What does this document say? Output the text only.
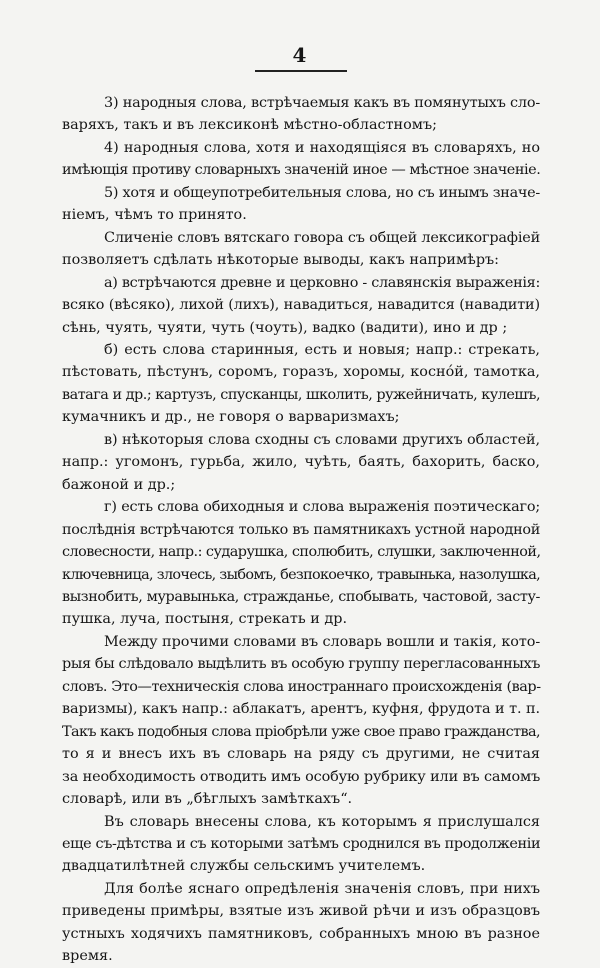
4

3) народныя слова, встрѣчаемыя какъ въ помянутыхъ сло-
варяхъ, такъ и въ лексиконѣ мѣстно-областномъ;

4) народныя слова, хотя и находящіяся въ словаряхъ, но
имѣющія противу словарныхъ значеній иное — мѣстное значеніе.

5) хотя и общеупотребительныя слова, но съ инымъ значе-
ніемъ, чѣмъ то принято.

Сличеніе словъ вятскаго говора съ общей лексикографіей
позволяетъ сдѣлать нѣкоторые выводы, какъ напримѣръ:

а) встрѣчаются древне и церковно - славянскія выраженія:
всяко (вѣсяко), лихой (лихъ), навадиться, навадится (навадити)
сѣнь, чуять, чуяти, чуть (чоуть), вадко (вадити), ино и др ;

б) есть слова старинныя, есть и новыя; напр.: стрекать,
пѣстовать, пѣстунъ, соромъ, горазъ, хоромы, коснóй, тамотка,
ватага и др.; картузъ, спусканцы, школить, ружейничать, кулешъ,
кумачникъ и др., не говоря о варваризмахъ;

в) нѣкоторыя слова сходны съ словами другихъ областей,
напр.: угомонъ, гурьба, жило, чуѣть, баять, бахорить, баско,
бажоной и др.;

г) есть слова обиходныя и слова выраженія поэтическаго;
послѣднія встрѣчаются только въ памятникахъ устной народной
словесности, напр.: сударушка, сполюбить, слушки, заключенной,
ключевница, злочесь, зыбомъ, безпокоечко, травынька, назолушка,
вызнобить, муравынька, стражданье, спобывать, частовой, засту-
пушка, луча, постыня, стрекать и др.

Между прочими словами въ словарь вошли и такія, кото-
рыя бы слѣдовало выдѣлить въ особую группу перегласованныхъ
словъ. Это—техническія слова иностраннаго происхожденія (вар-
варизмы), какъ напр.: аблакатъ, арентъ, куфня, фрудота и т. п.
Такъ какъ подобныя слова пріобрѣли уже свое право гражданства,
то я и внесъ ихъ въ словарь на ряду съ другими, не считая
за необходимость отводить имъ особую рубрику или въ самомъ
словарѣ, или въ „бѣглыхъ замѣткахъ“.

Въ словарь внесены слова, къ которымъ я прислушался
еще съ-дѣтства и съ которыми затѣмъ сроднился въ продолженіи
двадцатилѣтней службы сельскимъ учителемъ.

Для болѣе яснаго опредѣленія значенія словъ, при нихъ
приведены примѣры, взятые изъ живой рѣчи и изъ образцовъ
устныхъ ходячихъ памятниковъ, собранныхъ мною въ разное
время.
